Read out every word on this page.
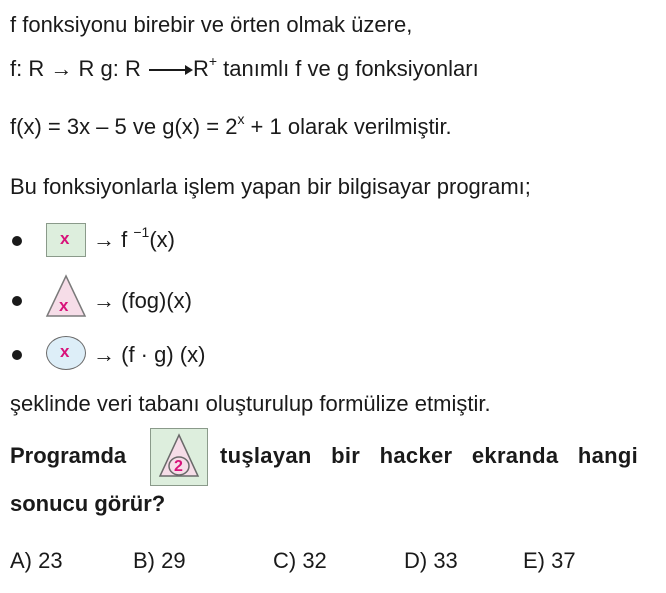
f fonksiyonu birebir ve örten olmak üzere,
f: R → R g: R R+ tanımlı f ve g fonksiyonları
f(x) = 3x – 5 ve $g(x) = 2^x + 1$ olarak verilmiştir.
Bu fonksiyonlarla işlem yapan bir bilgisayar programı;
x → f $^{-1}$(x)
x → (fog)(x)
x → (f · g) (x)
şeklinde veri tabanı oluşturulup formülize etmiştir.
Programda	2 tuşlayan bir hacker ekranda hangi
sonucu görür?
A) 23	B) 29	C) 32	D) 33	E) 37
